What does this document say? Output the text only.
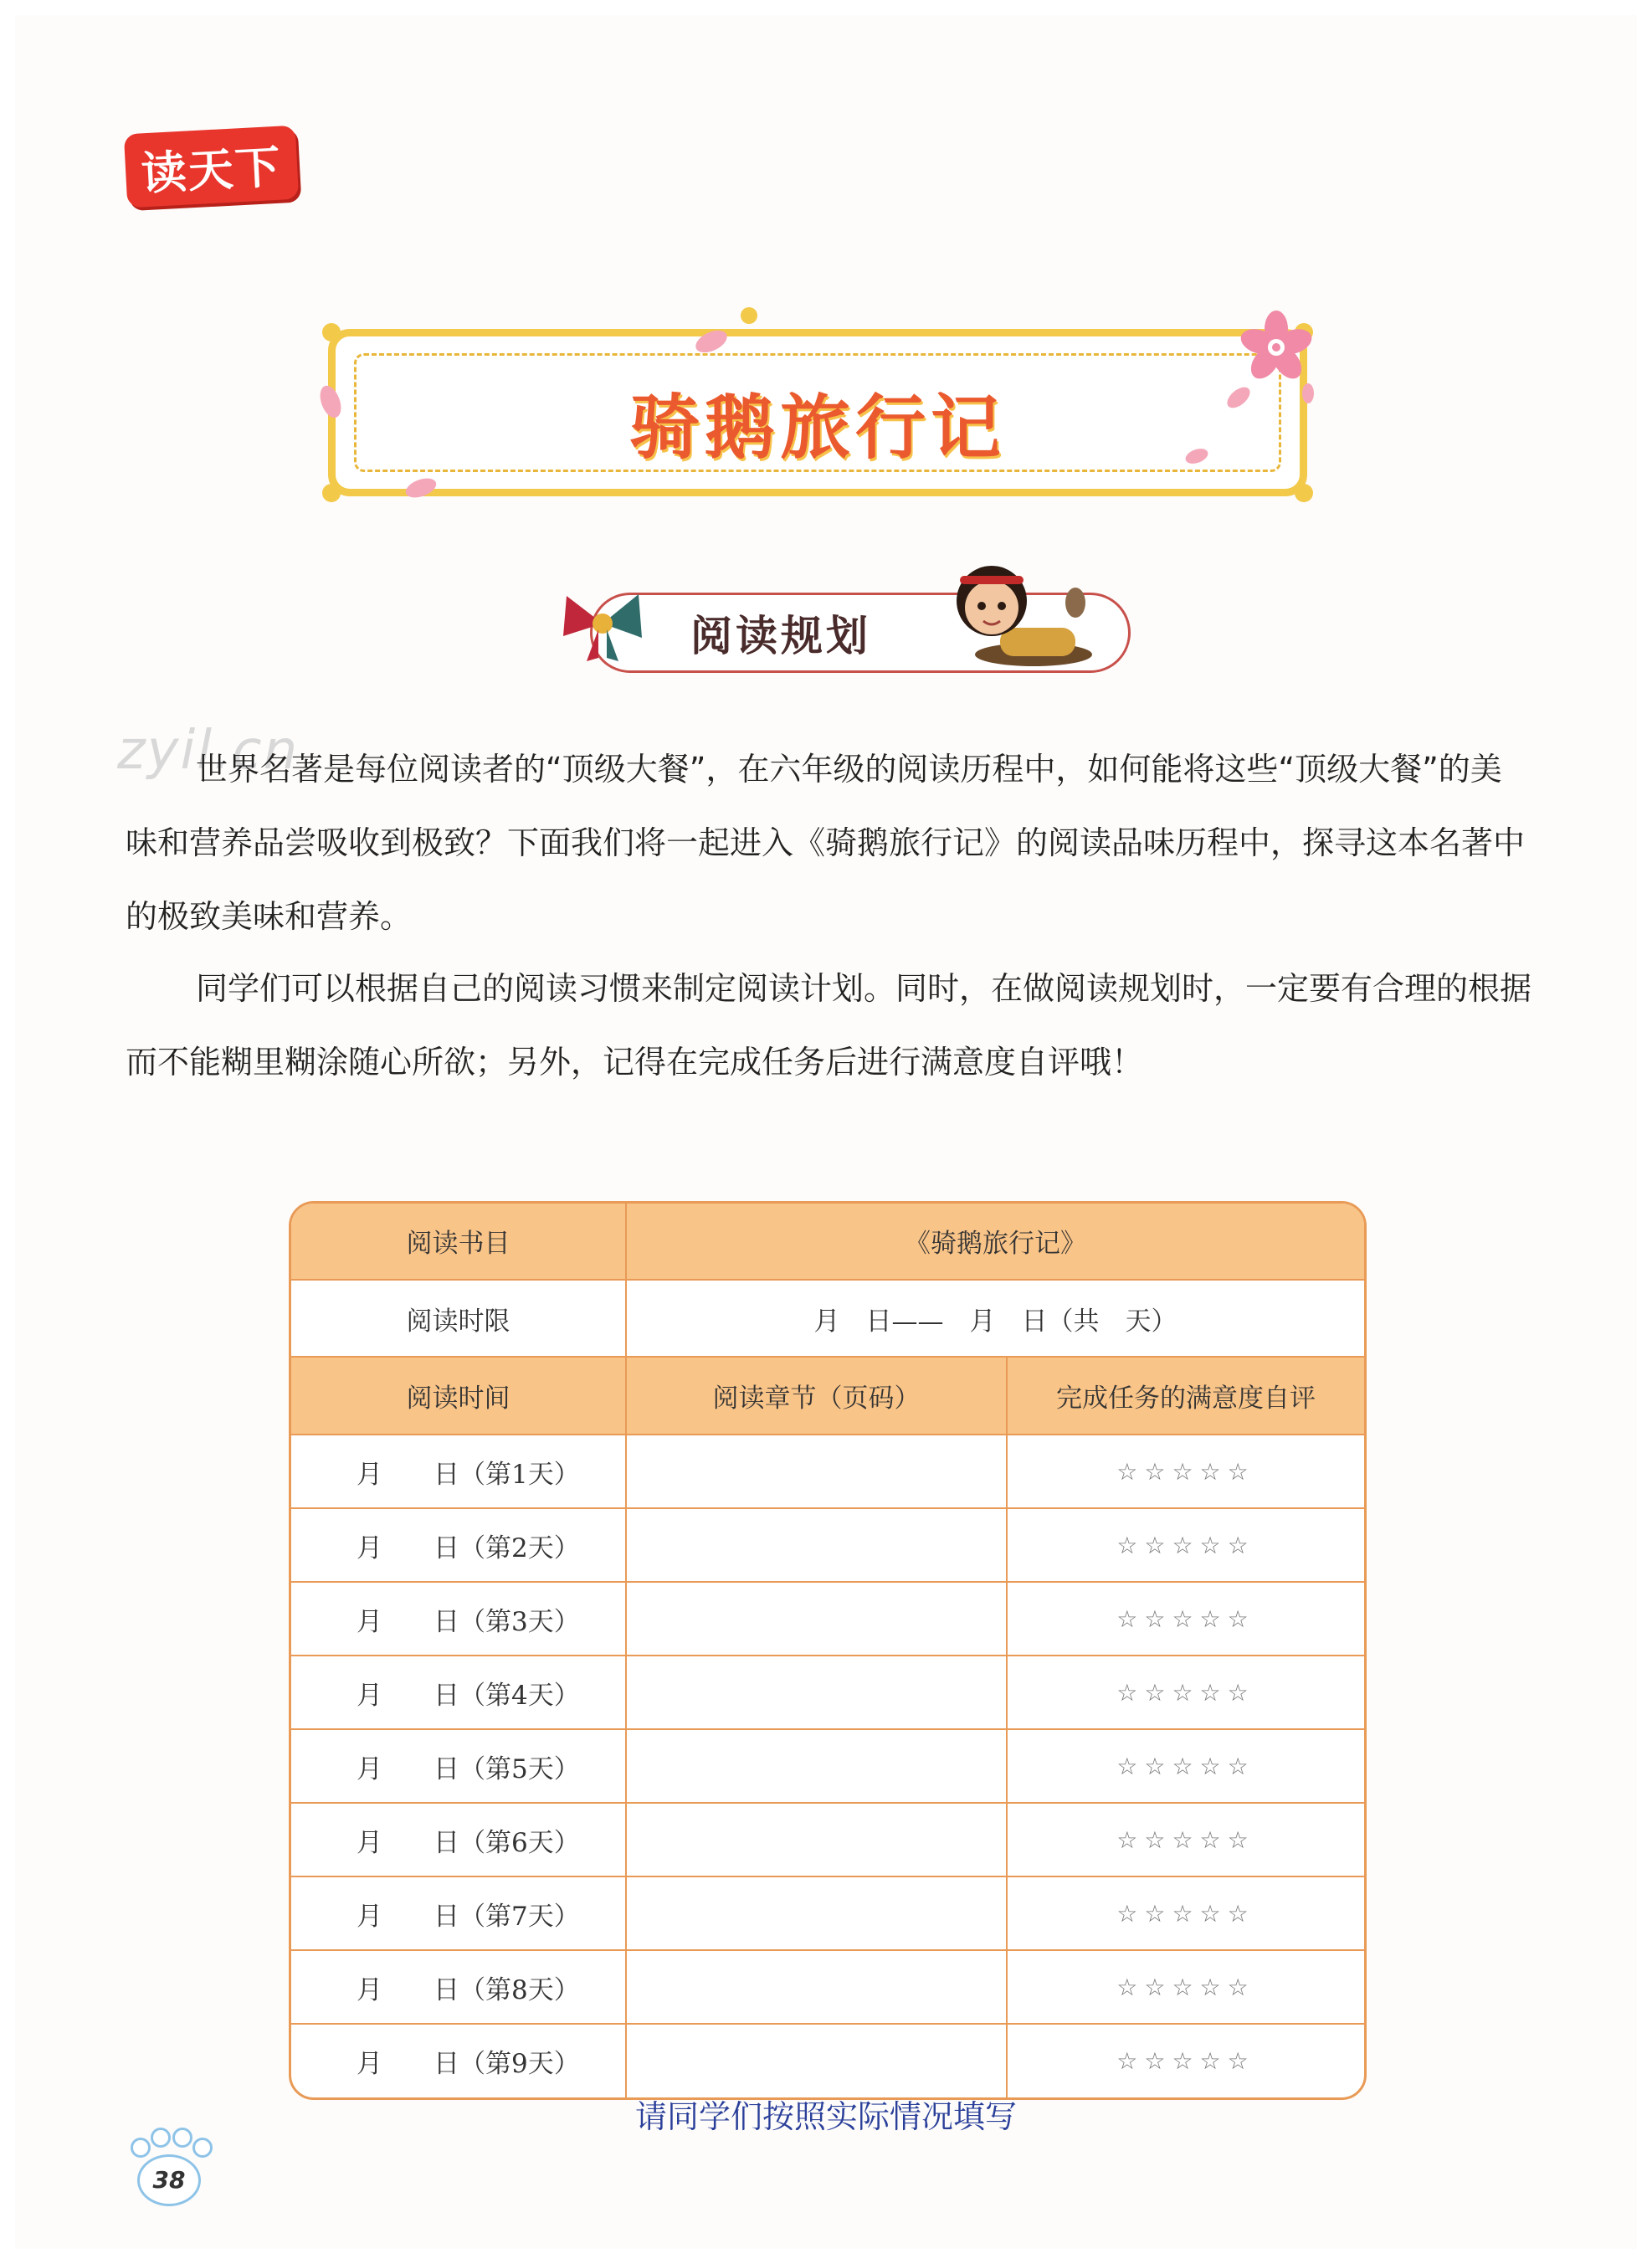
读天下
骑鹅旅行记
阅读规划
zyil.cn
世界名著是每位阅读者的“顶级大餐”，在六年级的阅读历程中，如何能将这些“顶级大餐”的美味和营养品尝吸收到极致？下面我们将一起进入《骑鹅旅行记》的阅读品味历程中，探寻这本名著中的极致美味和营养。
同学们可以根据自己的阅读习惯来制定阅读计划。同时，在做阅读规划时，一定要有合理的根据而不能糊里糊涂随心所欲；另外，记得在完成任务后进行满意度自评哦！
阅读书目	《骑鹅旅行记》	
阅读时限	月　日——　月　日（共　天）	
阅读时间	阅读章节（页码）	完成任务的满意度自评
月 日（第1天）		☆☆☆☆☆
月 日（第2天）		☆☆☆☆☆
月 日（第3天）		☆☆☆☆☆
月 日（第4天）		☆☆☆☆☆
月 日（第5天）		☆☆☆☆☆
月 日（第6天）		☆☆☆☆☆
月 日（第7天）		☆☆☆☆☆
月 日（第8天）		☆☆☆☆☆
月 日（第9天）		☆☆☆☆☆
请同学们按照实际情况填写
38
